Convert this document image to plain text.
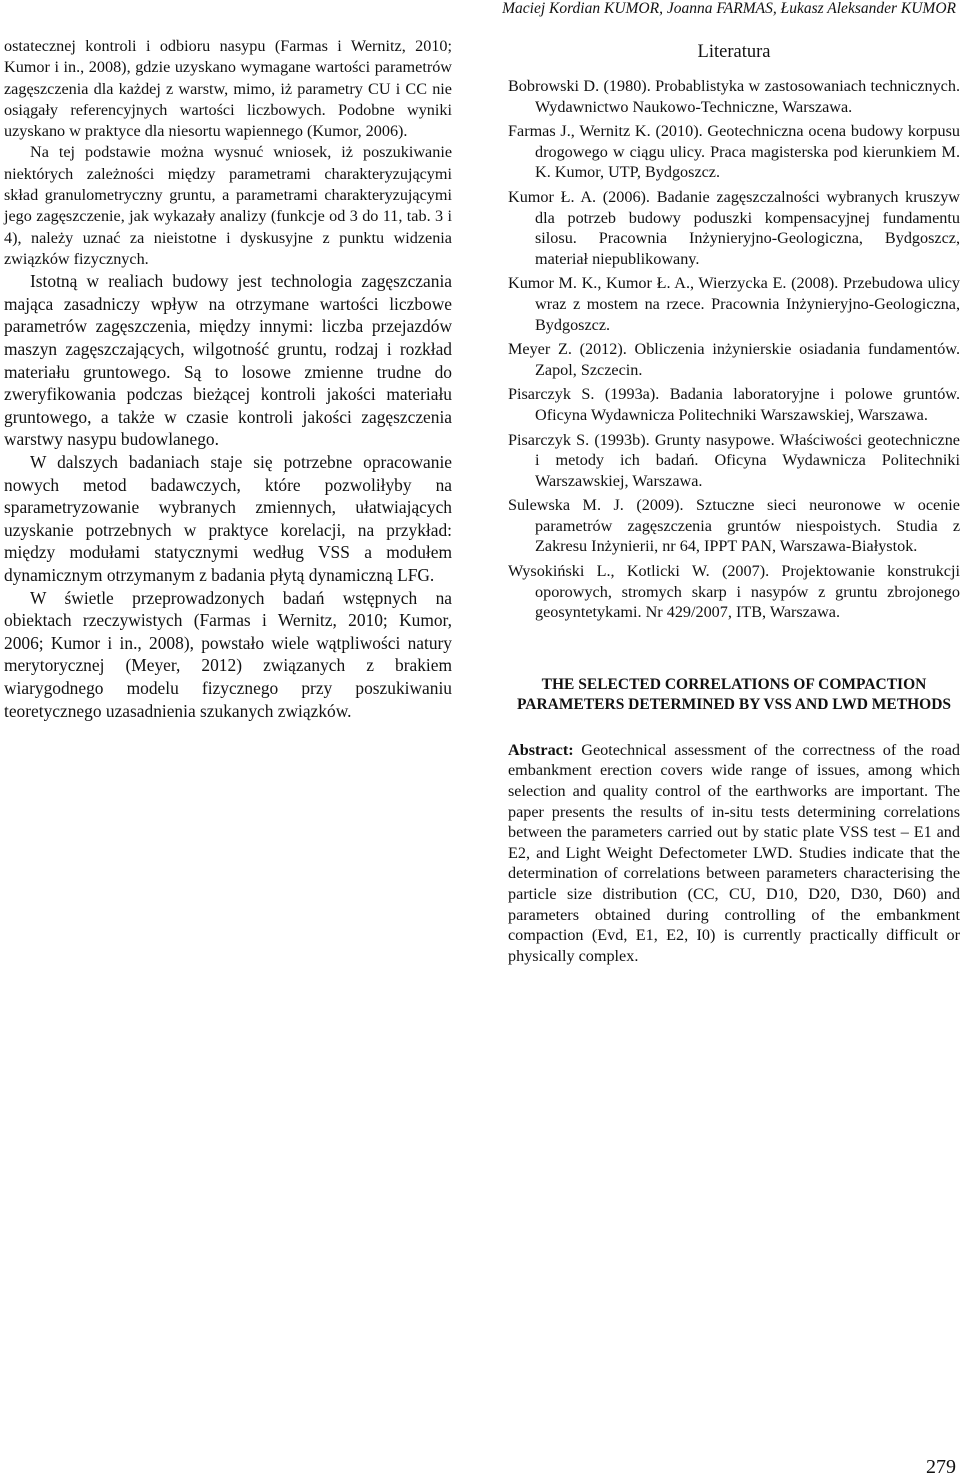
Maciej Kordian KUMOR, Joanna FARMAS, Łukasz Aleksander KUMOR

ostatecznej kontroli i odbioru nasypu (Farmas i Wernitz, 2010; Kumor i in., 2008), gdzie uzyskano wymagane wartości parametrów zagęszczenia dla każdej z warstw, mimo, iż parametry CU i CC nie osiągały referencyjnych wartości liczbowych. Podobne wyniki uzyskano w praktyce dla niesortu wapiennego (Kumor, 2006).

Na tej podstawie można wysnuć wniosek, iż poszukiwanie niektórych zależności między parametrami charakteryzującymi skład granulometryczny gruntu, a parametrami charakteryzującymi jego zagęszczenie, jak wykazały analizy (funkcje od 3 do 11, tab. 3 i 4), należy uznać za nieistotne i dyskusyjne z punktu widzenia związków fizycznych.

Istotną w realiach budowy jest technologia zagęszczania mająca zasadniczy wpływ na otrzymane wartości liczbowe parametrów zagęszczenia, między innymi: liczba przejazdów maszyn zagęszczających, wilgotność gruntu, rodzaj i rozkład materiału gruntowego. Są to losowe zmienne trudne do zweryfikowania podczas bieżącej kontroli jakości materiału gruntowego, a także w czasie kontroli jakości zagęszczenia warstwy nasypu budowlanego.

W dalszych badaniach staje się potrzebne opracowanie nowych metod badawczych, które pozwoliłyby na sparametryzowanie wybranych zmiennych, ułatwiających uzyskanie potrzebnych w praktyce korelacji, na przykład: między modułami statycznymi według VSS a modułem dynamicznym otrzymanym z badania płytą dynamiczną LFG.

W świetle przeprowadzonych badań wstępnych na obiektach rzeczywistych (Farmas i Wernitz, 2010; Kumor, 2006; Kumor i in., 2008), powstało wiele wątpliwości natury merytorycznej (Meyer, 2012) związanych z brakiem wiarygodnego modelu fizycznego przy poszukiwaniu teoretycznego uzasadnienia szukanych związków.

Literatura
Bobrowski D. (1980). Probablistyka w zastosowaniach technicznych. Wydawnictwo Naukowo-Techniczne, Warszawa.
Farmas J., Wernitz K. (2010). Geotechniczna ocena budowy korpusu drogowego w ciągu ulicy. Praca magisterska pod kierunkiem M. K. Kumor, UTP, Bydgoszcz.
Kumor Ł. A. (2006). Badanie zagęszczalności wybranych kruszyw dla potrzeb budowy poduszki kompensacyjnej fundamentu silosu. Pracownia Inżynieryjno-Geologiczna, Bydgoszcz, materiał niepublikowany.
Kumor M. K., Kumor Ł. A., Wierzycka E. (2008). Przebudowa ulicy wraz z mostem na rzece. Pracownia Inżynieryjno-Geologiczna, Bydgoszcz.
Meyer Z. (2012). Obliczenia inżynierskie osiadania fundamentów. Zapol, Szczecin.
Pisarczyk S. (1993a). Badania laboratoryjne i polowe gruntów. Oficyna Wydawnicza Politechniki Warszawskiej, Warszawa.
Pisarczyk S. (1993b). Grunty nasypowe. Właściwości geotechniczne i metody ich badań. Oficyna Wydawnicza Politechniki Warszawskiej, Warszawa.
Sulewska M. J. (2009). Sztuczne sieci neuronowe w ocenie parametrów zagęszczenia gruntów niespoistych. Studia z Zakresu Inżynierii, nr 64, IPPT PAN, Warszawa-Białystok.
Wysokiński L., Kotlicki W. (2007). Projektowanie konstrukcji oporowych, stromych skarp i nasypów z gruntu zbrojonego geosyntetykami. Nr 429/2007, ITB, Warszawa.
THE SELECTED CORRELATIONS OF COMPACTION PARAMETERS DETERMINED BY VSS AND LWD METHODS

Abstract: Geotechnical assessment of the correctness of the road embankment erection covers wide range of issues, among which selection and quality control of the earthworks are important. The paper presents the results of in-situ tests determining correlations between the parameters carried out by static plate VSS test – E1 and E2, and Light Weight Defectometer LWD. Studies indicate that the determination of correlations between parameters characterising the particle size distribution (CC, CU, D10, D20, D30, D60) and parameters obtained during controlling of the embankment compaction (Evd, E1, E2, I0) is currently practically difficult or physically complex.

279
